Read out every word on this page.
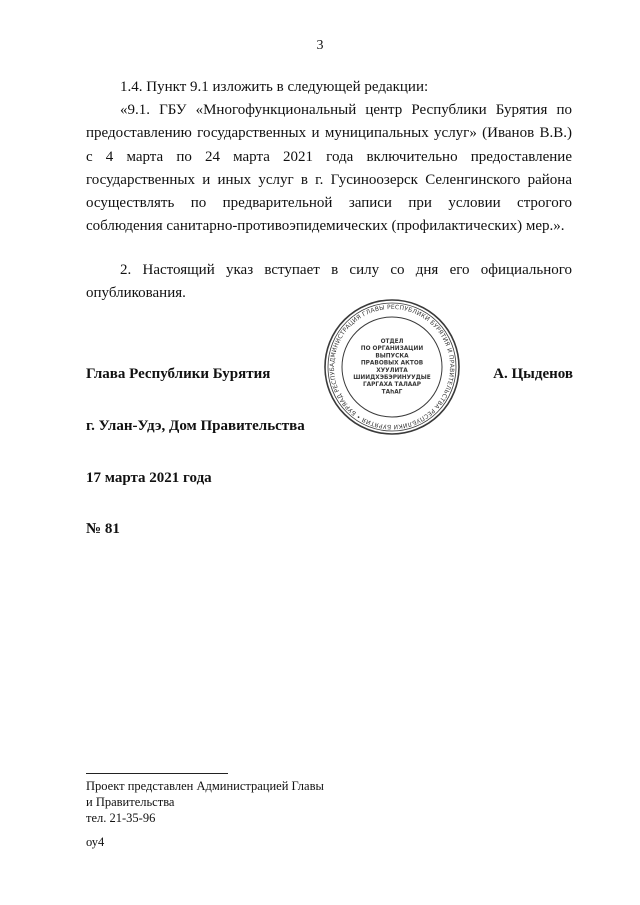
3

1.4. Пункт 9.1 изложить в следующей редакции:

«9.1. ГБУ «Многофункциональный центр Республики Бурятия по предоставлению государственных и муниципальных услуг» (Иванов В.В.) с 4 марта по 24 марта 2021 года включительно предоставление государственных и иных услуг в г. Гусиноозерск Селенгинского района осуществлять по предварительной записи при условии строгого соблюдения санитарно-противоэпидемических (профилактических) мер.».

2. Настоящий указ вступает в силу со дня его официального опубликования.

АДМИНИСТРАЦИЯ ГЛАВЫ РЕСПУБЛИКИ БУРЯТИЯ И ПРАВИТЕЛЬСТВА РЕСПУБЛИКИ БУРЯТИЯ • БУРЯАД РЕСПУБ
ОТДЕЛ
ПО ОРГАНИЗАЦИИ
ВЫПУСКА
ПРАВОВЫХ АКТОВ
ХУУЛИТА
ШИИДХЭБЭРИНУУДЫЕ
ГАРГАХА ТАЛААР
ТАhАГ

Глава Республики Бурятия	А. Цыденов

г. Улан-Удэ, Дом Правительства

17 марта 2021 года

№ 81

Проект представлен Администрацией Главы
и Правительства
тел. 21-35-96
оу4
